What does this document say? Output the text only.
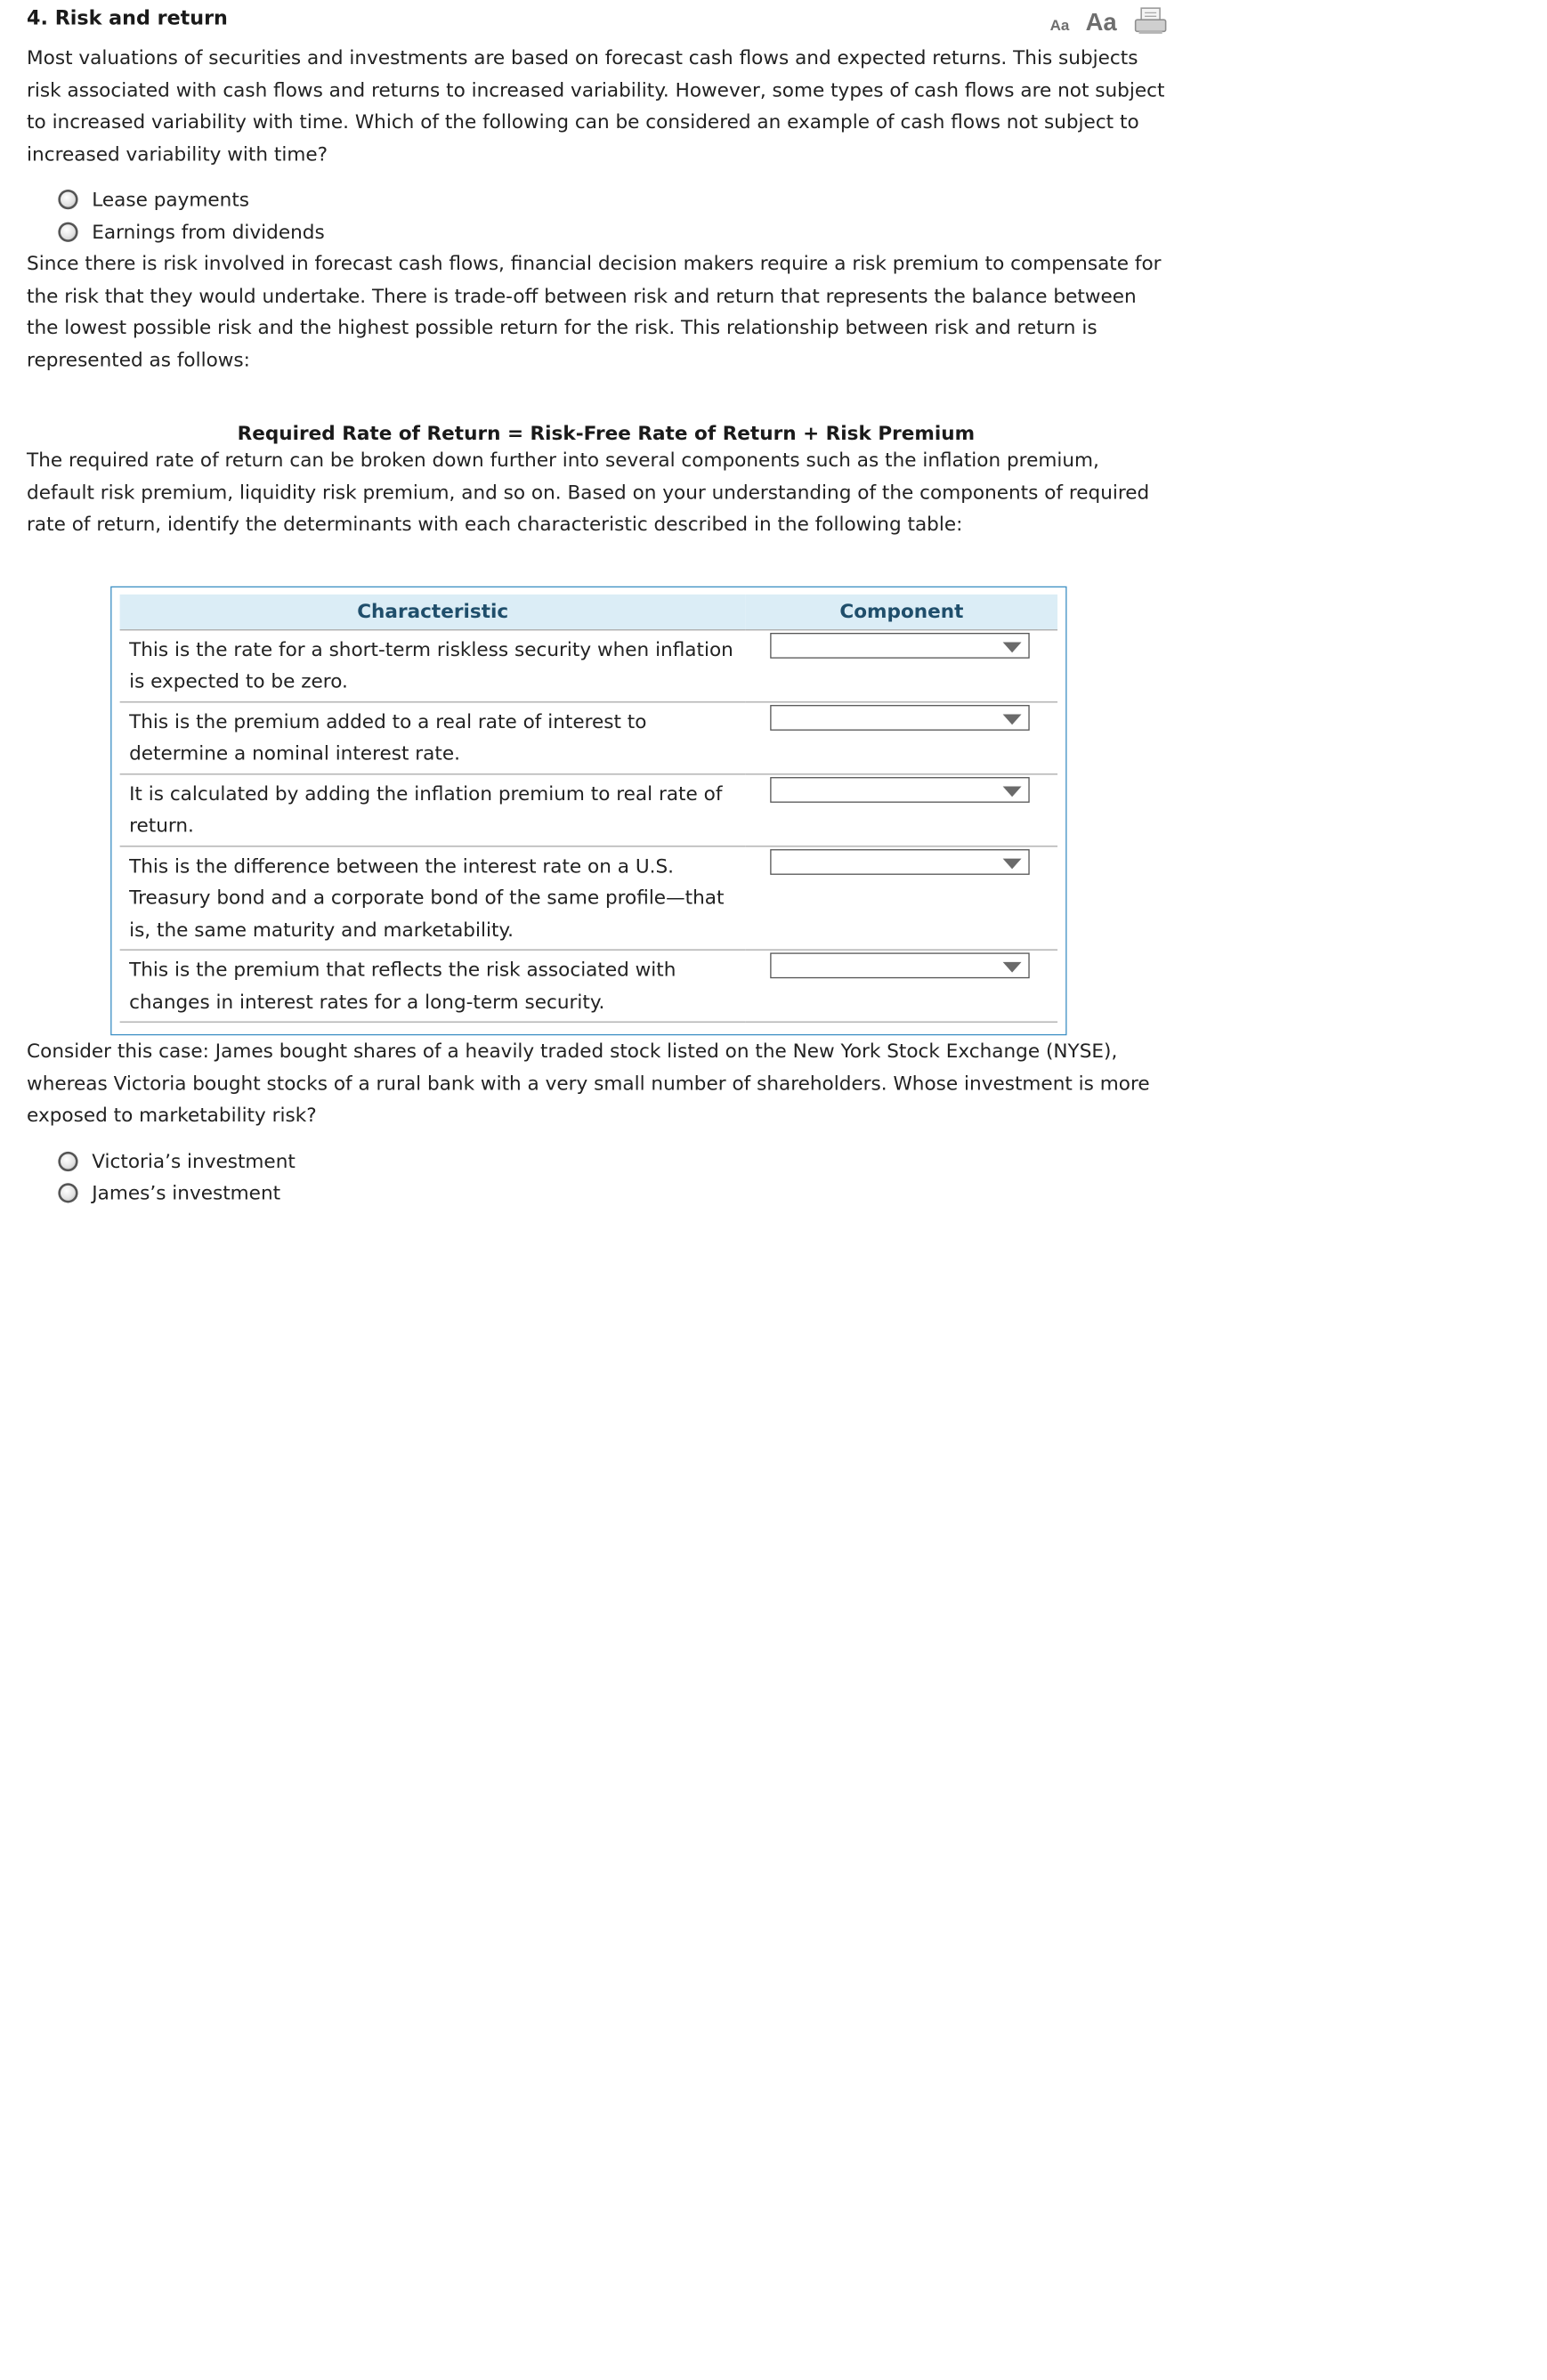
4. Risk and return	Aa Aa

Most valuations of securities and investments are based on forecast cash flows and expected returns. This subjects risk associated with cash flows and returns to increased variability. However, some types of cash flows are not subject to increased variability with time. Which of the following can be considered an example of cash flows not subject to increased variability with time?

Lease payments
Earnings from dividends

Since there is risk involved in forecast cash flows, financial decision makers require a risk premium to compensate for the risk that they would undertake. There is trade-off between risk and return that represents the balance between the lowest possible risk and the highest possible return for the risk. This relationship between risk and return is represented as follows:

Required Rate of Return = Risk-Free Rate of Return + Risk Premium

The required rate of return can be broken down further into several components such as the inflation premium, default risk premium, liquidity risk premium, and so on. Based on your understanding of the components of required rate of return, identify the determinants with each characteristic described in the following table:

Characteristic	Component
This is the rate for a short-term riskless security when inflation is expected to be zero.	

This is the premium added to a real rate of interest to determine a nominal interest rate.	

It is calculated by adding the inflation premium to real rate of return.	

This is the difference between the interest rate on a U.S. Treasury bond and a corporate bond of the same profile—that is, the same maturity and marketability.	

This is the premium that reflects the risk associated with changes in interest rates for a long-term security.	

Consider this case: James bought shares of a heavily traded stock listed on the New York Stock Exchange (NYSE), whereas Victoria bought stocks of a rural bank with a very small number of shareholders. Whose investment is more exposed to marketability risk?

Victoria’s investment
James’s investment
